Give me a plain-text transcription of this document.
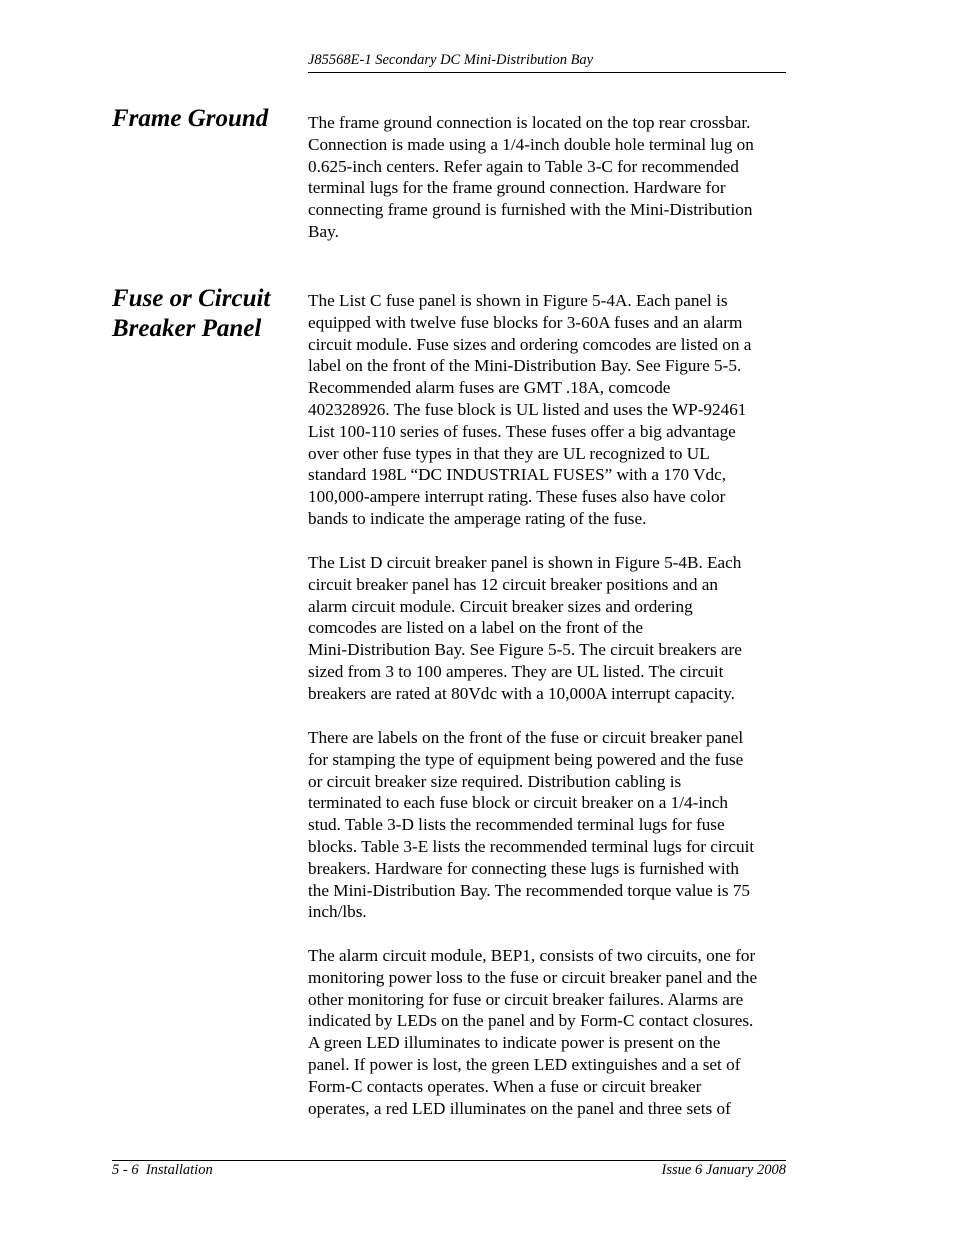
J85568E-1 Secondary DC Mini-Distribution Bay
Frame Ground	The frame ground connection is located on the top rear crossbar.
Connection is made using a 1/4-inch double hole terminal lug on
0.625-inch centers. Refer again to Table 3-C for recommended
terminal lugs for the frame ground connection. Hardware for
connecting frame ground is furnished with the Mini-Distribution
Bay.
Fuse or Circuit
Breaker Panel
The List C fuse panel is shown in Figure 5-4A. Each panel is
equipped with twelve fuse blocks for 3-60A fuses and an alarm
circuit module. Fuse sizes and ordering comcodes are listed on a
label on the front of the Mini-Distribution Bay. See Figure 5-5.
Recommended alarm fuses are GMT .18A, comcode
402328926. The fuse block is UL listed and uses the WP-92461
List 100-110 series of fuses. These fuses offer a big advantage
over other fuse types in that they are UL recognized to UL
standard 198L “DC INDUSTRIAL FUSES” with a 170 Vdc,
100,000-ampere interrupt rating. These fuses also have color
bands to indicate the amperage rating of the fuse.
The List D circuit breaker panel is shown in Figure 5-4B. Each
circuit breaker panel has 12 circuit breaker positions and an
alarm circuit module. Circuit breaker sizes and ordering
comcodes are listed on a label on the front of the
Mini-Distribution Bay. See Figure 5-5. The circuit breakers are
sized from 3 to 100 amperes. They are UL listed. The circuit
breakers are rated at 80Vdc with a 10,000A interrupt capacity.
There are labels on the front of the fuse or circuit breaker panel
for stamping the type of equipment being powered and the fuse
or circuit breaker size required. Distribution cabling is
terminated to each fuse block or circuit breaker on a 1/4-inch
stud. Table 3-D lists the recommended terminal lugs for fuse
blocks. Table 3-E lists the recommended terminal lugs for circuit
breakers. Hardware for connecting these lugs is furnished with
the Mini-Distribution Bay. The recommended torque value is 75
inch/lbs.
The alarm circuit module, BEP1, consists of two circuits, one for
monitoring power loss to the fuse or circuit breaker panel and the
other monitoring for fuse or circuit breaker failures. Alarms are
indicated by LEDs on the panel and by Form-C contact closures.
A green LED illuminates to indicate power is present on the
panel. If power is lost, the green LED extinguishes and a set of
Form-C contacts operates. When a fuse or circuit breaker
operates, a red LED illuminates on the panel and three sets of
5 - 6  Installation	Issue 6 January 2008
